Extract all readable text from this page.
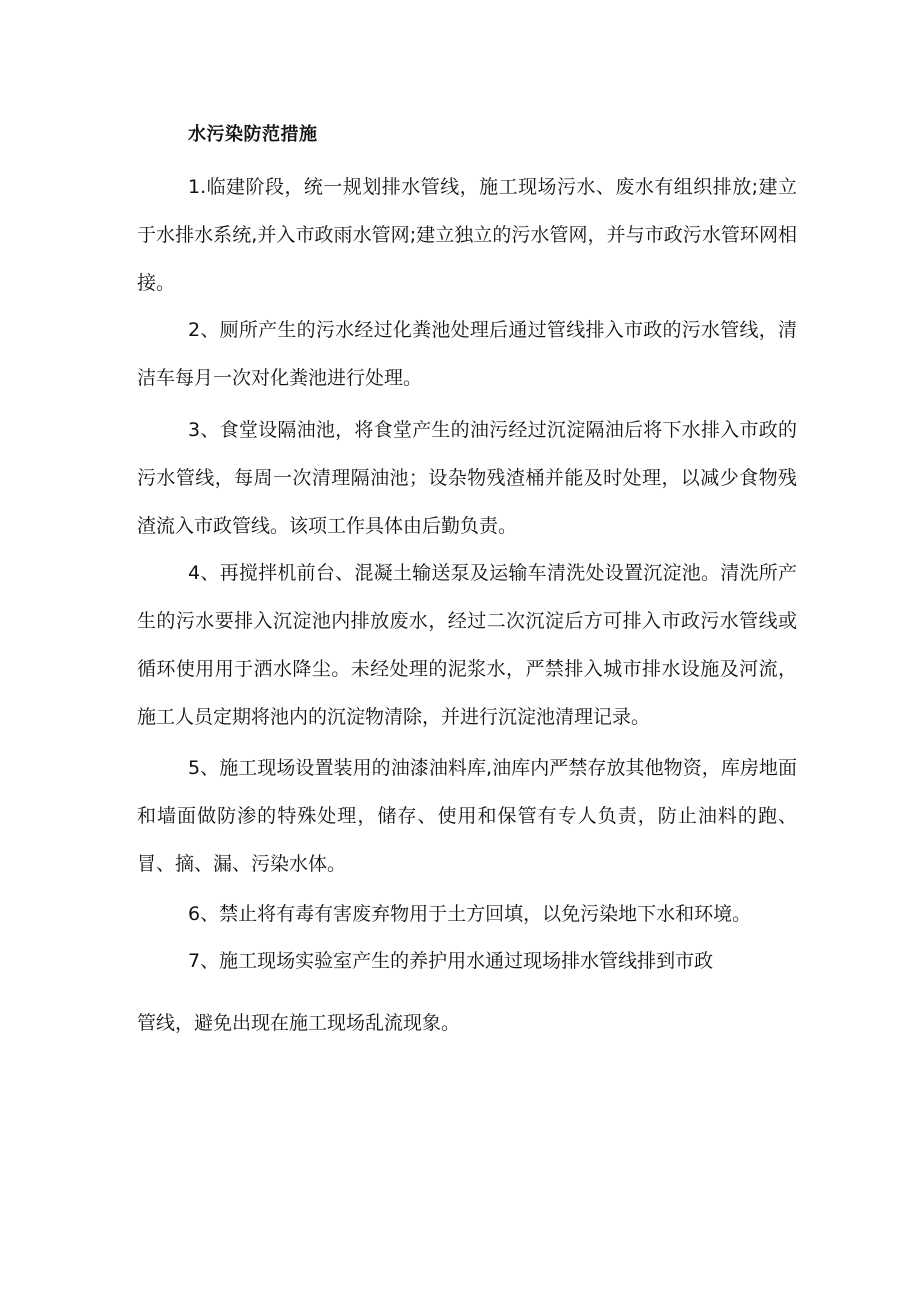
水污染防范措施

1.临建阶段，统一规划排水管线，施工现场污水、废水有组织排放;建立于水排水系统,并入市政雨水管网;建立独立的污水管网，并与市政污水管环网相接。

2、厕所产生的污水经过化粪池处理后通过管线排入市政的污水管线，清洁车每月一次对化粪池进行处理。

3、食堂设隔油池，将食堂产生的油污经过沉淀隔油后将下水排入市政的污水管线，每周一次清理隔油池；设杂物残渣桶并能及时处理，以减少食物残渣流入市政管线。该项工作具体由后勤负责。

4、再搅拌机前台、混凝土输送泵及运输车清洗处设置沉淀池。清洗所产生的污水要排入沉淀池内排放废水，经过二次沉淀后方可排入市政污水管线或循环使用用于洒水降尘。未经处理的泥浆水，严禁排入城市排水设施及河流，施工人员定期将池内的沉淀物清除，并进行沉淀池清理记录。

5、施工现场设置装用的油漆油料库,油库内严禁存放其他物资，库房地面和墙面做防渗的特殊处理，储存、使用和保管有专人负责，防止油料的跑、冒、摘、漏、污染水体。

6、禁止将有毒有害废弃物用于土方回填，以免污染地下水和环境。

7、施工现场实验室产生的养护用水通过现场排水管线排到市政
管线，避免出现在施工现场乱流现象。
